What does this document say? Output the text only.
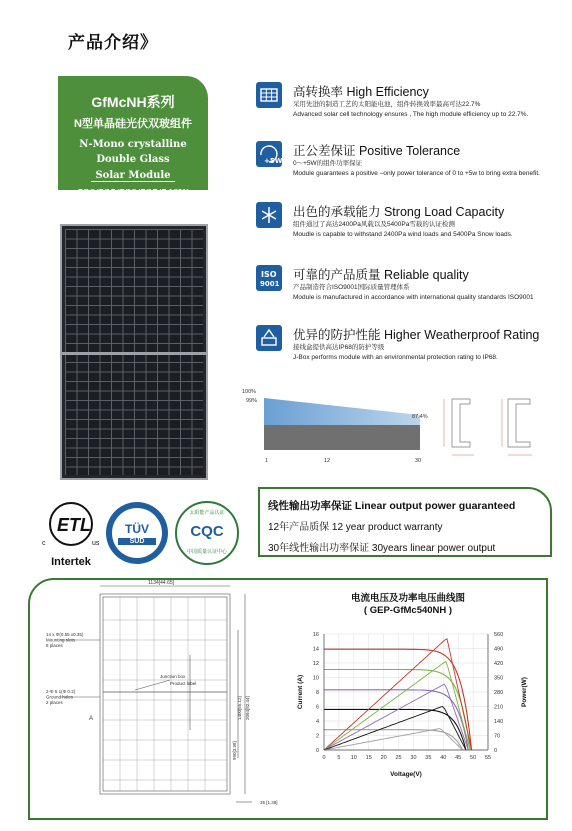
产品介绍》
GfMcNH系列
N型单晶硅光伏双玻组件
N-Mono crystalline
Double Glass
Solar Module
520/525/530/535/540W
高转换率 High Efficiency
采用先进的制造工艺的太阳能电池，组件转换效率最高可达22.7%
Advanced solar cell technology ensures , The high module efficiency up to 22.7%.
+5W
正公差保证 Positive Tolerance
0～+5W的组件功率保证
Module guarantees a positive –only power tolerance of 0 to +5w to bring extra benefit.
出色的承载能力 Strong Load Capacity
组件通过了高达2400Pa风载以及5400Pa雪载的认证检测
Moudle is capable to withstand 2400Pa wind loads and 5400Pa Snow loads.
ISO
9001
可靠的产品质量 Reliable quality
产品制造符合ISO9001国际质量管理体系
Module is manufactured in accordance with international quality standards ISO9001
优异的防护性能 Higher Weatherproof Rating
接线盒提供高达IP68的防护等级
J-Box performs module with an environmental protection rating to IP68.
100%
99%
87.4%
1	12	30
线性输出功率保证 Linear output power guaranteed
12年产品质保 12 year product warranty
30年线性输出功率保证 30years linear power output
ETL
c	us
Intertek
TÜV
SÜD
太阳能产品认证
CQC
中国质量认证中心
1134[44.65]
14 x Φ(0.55 x0.35) Mounting slots 8 places
2-Φ 5 1(Φ 0.2) Ground holes 2 places
Junction box
Product label
990[3.98]
1400[55.12] 2094[82.44]
35 [1.38]
A
电流电压及功率电压曲线图
( GEP-GfMc540NH )
0
2
4
6
8
10
12
14
16
0 5 10 15 20 25 30 35 40 45 50 55
0
70
140
210
280
350
420
490
560
Voltage(V)
Current (A)	Power(W)
